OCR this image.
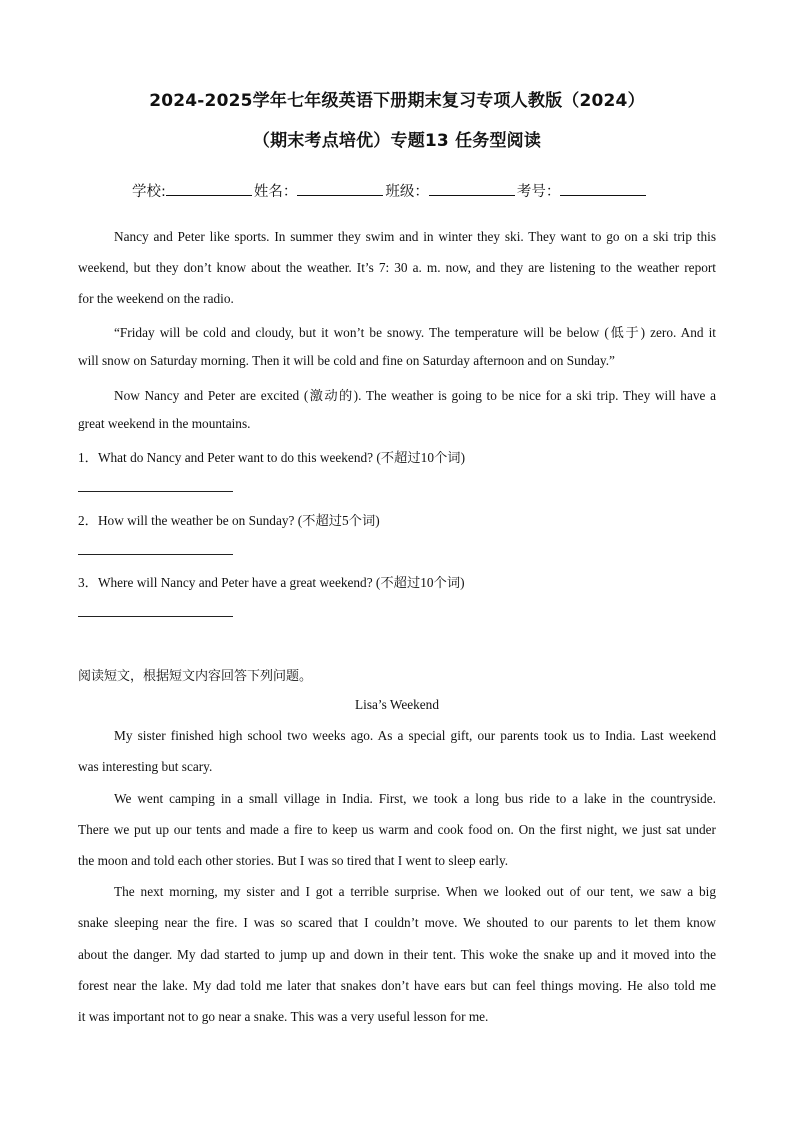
2024-2025学年七年级英语下册期末复习专项人教版（2024）
（期末考点培优）专题13 任务型阅读
学校:	姓名：	班级：	考号：
Nancy and Peter like sports. In summer they swim and in winter they ski. They want to go on a ski trip this
weekend, but they don’t know about the weather. It’s 7: 30 a. m. now, and they are listening to the weather report
for the weekend on the radio.
“Friday will be cold and cloudy, but it won’t be snowy. The temperature will be below (低于) zero. And it
will snow on Saturday morning. Then it will be cold and fine on Saturday afternoon and on Sunday.”
Now Nancy and Peter are excited (激动的). The weather is going to be nice for a ski trip. They will have a
great weekend in the mountains.
1．What do Nancy and Peter want to do this weekend? (不超过10个词)
2．How will the weather be on Sunday? (不超过5个词)
3．Where will Nancy and Peter have a great weekend? (不超过10个词)
阅读短文，根据短文内容回答下列问题。
Lisa’s Weekend
My sister finished high school two weeks ago. As a special gift, our parents took us to India. Last weekend
was interesting but scary.
We went camping in a small village in India. First, we took a long bus ride to a lake in the countryside.
There we put up our tents and made a fire to keep us warm and cook food on. On the first night, we just sat under
the moon and told each other stories. But I was so tired that I went to sleep early.
The next morning, my sister and I got a terrible surprise. When we looked out of our tent, we saw a big
snake sleeping near the fire. I was so scared that I couldn’t move. We shouted to our parents to let them know
about the danger. My dad started to jump up and down in their tent. This woke the snake up and it moved into the
forest near the lake. My dad told me later that snakes don’t have ears but can feel things moving. He also told me
it was important not to go near a snake. This was a very useful lesson for me.
